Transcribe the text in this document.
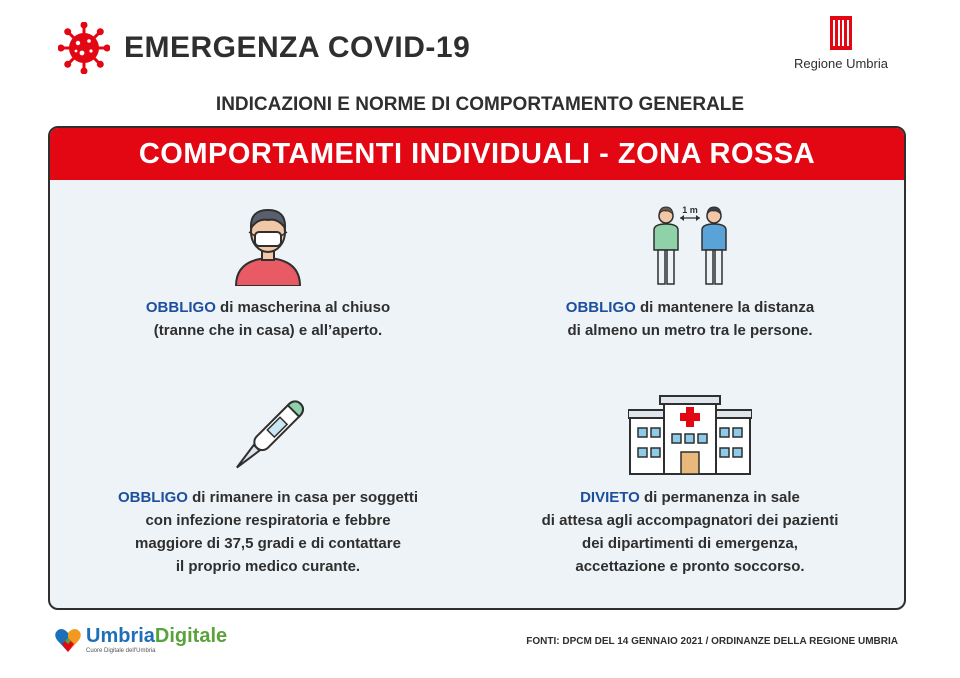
EMERGENZA COVID-19	Regione Umbria
INDICAZIONI E NORME DI COMPORTAMENTO GENERALE
COMPORTAMENTI INDIVIDUALI - ZONA ROSSA
OBBLIGO di mascherina al chiuso
(tranne che in casa) e all’aperto.
1 m
OBBLIGO di mantenere la distanza
di almeno un metro tra le persone.
OBBLIGO di rimanere in casa per soggetti
con infezione respiratoria e febbre
maggiore di 37,5 gradi e di contattare
il proprio medico curante.
DIVIETO di permanenza in sale
di attesa agli accompagnatori dei pazienti
dei dipartimenti di emergenza,
accettazione e pronto soccorso.
UmbriaDigitale
Cuore Digitale dell'Umbria
FONTI: DPCM DEL 14 GENNAIO 2021 / ORDINANZE DELLA REGIONE UMBRIA
